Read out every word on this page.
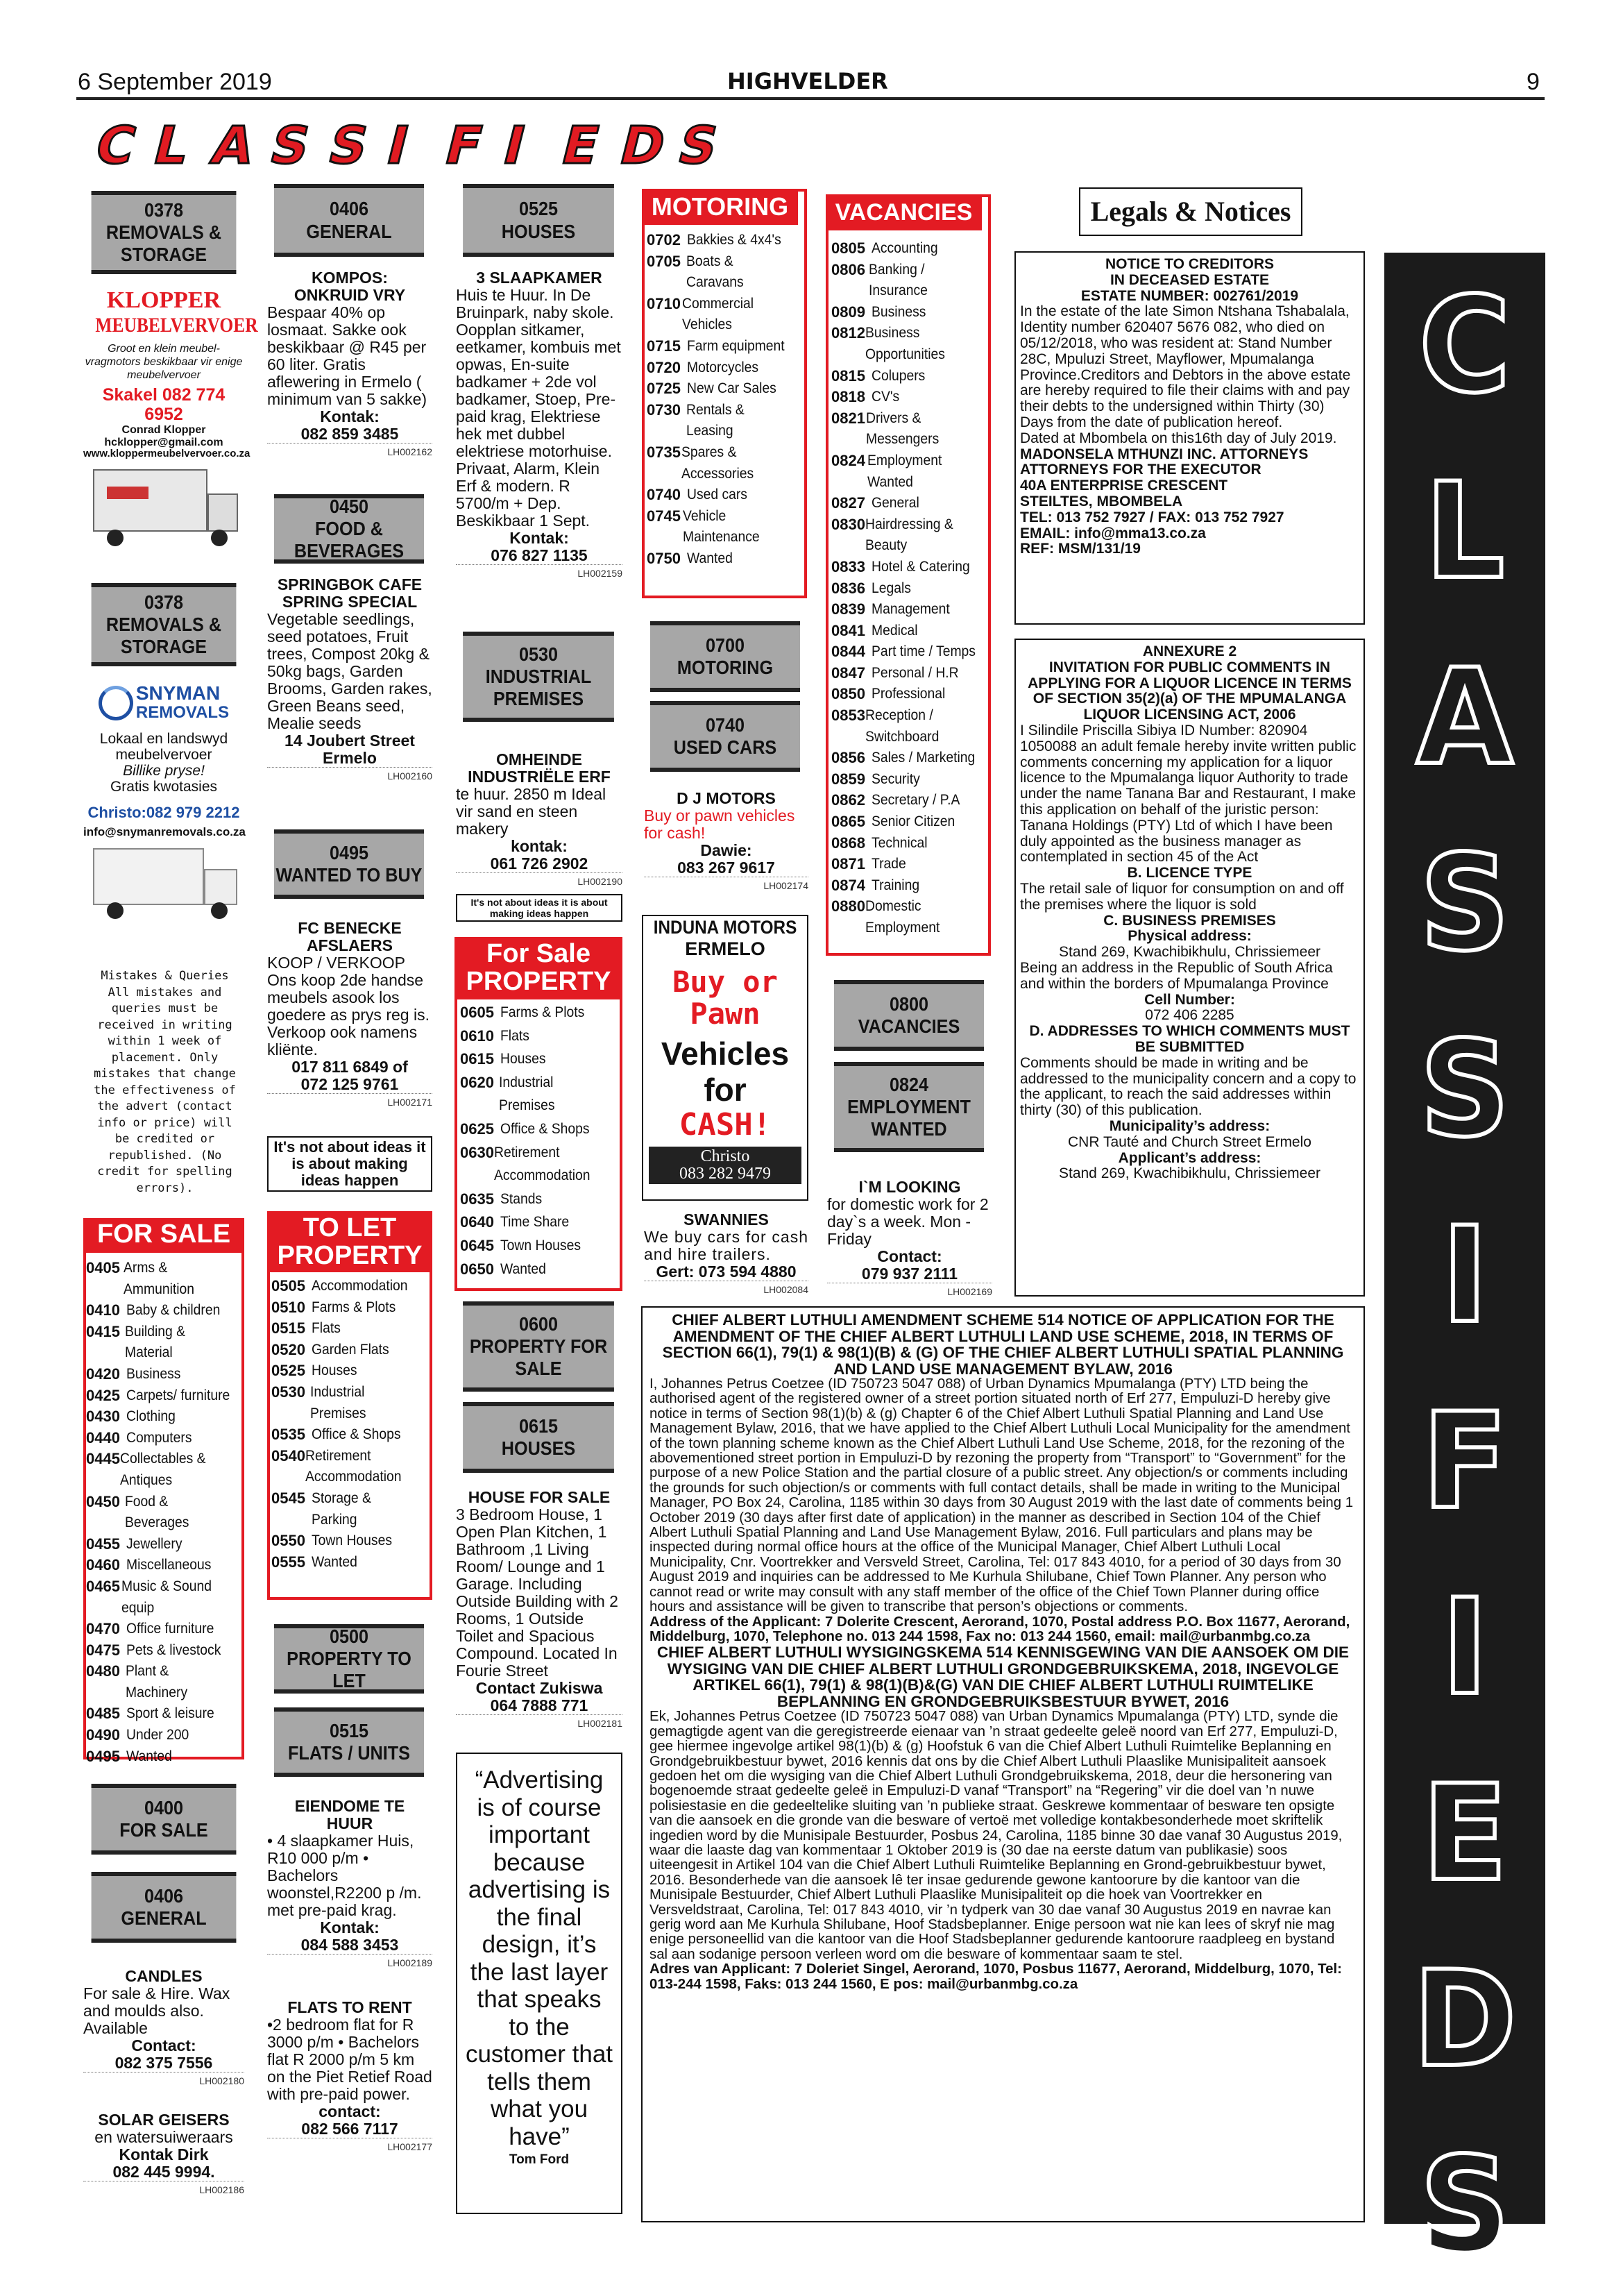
6 September 2019	HIGHVELDER	9
C L A S S I F I E D
S
0378
REMOVALS &
STORAGE
KLOPPER
MEUBELVERVOER
Groot en klein meubel-vragmotors beskikbaar vir enige meubelvervoer
Skakel 082 774 6952
Conrad Klopper
hcklopper@gmail.com
www.kloppermeubelvervoer.co.za
0378
REMOVALS &
STORAGE
SNYMAN
REMOVALS
Lokaal en landswyd
meubelvervoer
Billike pryse!
Gratis kwotasies
Christo:082 979 2212
info@snymanremovals.co.za
Mistakes & Queries All mistakes and queries must be received in writing within 1 week of placement. Only mistakes that change the effectiveness of the advert (contact info or price) will be credited or republished. (No credit for spelling errors).
FOR SALE
0405 Arms & Ammunition
0410 Baby & children
0415 Building & Material
0420 Business
0425 Carpets/ furniture
0430 Clothing
0440 Computers
0445 Collectables & Antiques
0450 Food & Beverages
0455 Jewellery
0460 Miscellaneous
0465 Music & Sound equip
0470 Office furniture
0475 Pets & livestock
0480 Plant & Machinery
0485 Sport & leisure
0490 Under 200
0495 Wanted
0400
FOR SALE
0406
GENERAL
CANDLES
For sale & Hire. Wax and moulds also. Available
Contact:
082 375 7556
LH002180
SOLAR GEISERS
en watersuiweraars
Kontak Dirk
082 445 9994.
LH002186
0406
GENERAL
KOMPOS:
ONKRUID VRY
Bespaar 40% op losmaat. Sakke ook beskikbaar @ R45 per 60 liter. Gratis aflewering in Ermelo ( minimum van 5 sakke)
Kontak:
082 859 3485
LH002162
0450
FOOD & BEVERAGES
SPRINGBOK CAFE
SPRING SPECIAL
Vegetable seedlings, seed potatoes, Fruit trees, Compost 20kg & 50kg bags, Garden Brooms, Garden rakes, Green Beans seed, Mealie seeds
14 Joubert Street
Ermelo
LH002160
0495
WANTED TO BUY
FC BENECKE
AFSLAERS
KOOP / VERKOOP Ons koop 2de handse meubels asook los goedere as prys reg is. Verkoop ook namens kliënte.
017 811 6849 of
072 125 9761
LH002171
It's not about ideas it is about making ideas happen
TO LET
PROPERTY
0505 Accommodation
0510 Farms & Plots
0515 Flats
0520 Garden Flats
0525 Houses
0530 Industrial Premises
0535 Office & Shops
0540 Retirement Accommodation
0545 Storage & Parking
0550 Town Houses
0555 Wanted
0500
PROPERTY TO LET
0515
FLATS / UNITS
EIENDOME TE
HUUR
• 4 slaapkamer Huis, R10 000 p/m • Bachelors woonstel,R2200 p /m. met pre-paid krag.
Kontak:
084 588 3453
LH002189
FLATS TO RENT
•2 bedroom flat for R 3000 p/m • Bachelors flat R 2000 p/m 5 km on the Piet Retief Road with pre-paid power.
contact:
082 566 7117
LH002177
0525
HOUSES
3 SLAAPKAMER
Huis te Huur. In De Bruinpark, naby skole. Oopplan sitkamer, eetkamer, kombuis met opwas, En-suite badkamer + 2de vol badkamer, Stoep, Pre-paid krag, Elektriese hek met dubbel elektriese motorhuise. Privaat, Alarm, Klein Erf & modern. R 5700/m + Dep. Beskikbaar 1 Sept.
Kontak:
076 827 1135
LH002159
0530
INDUSTRIAL
PREMISES
OMHEINDE
INDUSTRIËLE ERF
te huur. 2850 m Ideal vir sand en steen makery
kontak:
061 726 2902
LH002190
It's not about ideas it is about making ideas happen
For Sale
PROPERTY
0605 Farms & Plots
0610 Flats
0615 Houses
0620 Industrial Premises
0625 Office & Shops
0630 Retirement Accommodation
0635 Stands
0640 Time Share
0645 Town Houses
0650 Wanted
0600
PROPERTY FOR
SALE
0615
HOUSES
HOUSE FOR SALE
3 Bedroom House, 1 Open Plan Kitchen, 1 Bathroom ,1 Living Room/ Lounge and 1 Garage. Including Outside Building with 2 Rooms, 1 Outside Toilet and Spacious Compound. Located In Fourie Street
Contact Zukiswa
064 7888 771
LH002181
“Advertising is of course important because advertising is the final design, it’s the last layer that speaks to the customer that tells them what you have”
Tom Ford
MOTORING
0702 Bakkies & 4x4's
0705 Boats & Caravans
0710 Commercial Vehicles
0715 Farm equipment
0720 Motorcycles
0725 New Car Sales
0730 Rentals & Leasing
0735 Spares & Accessories
0740 Used cars
0745 Vehicle Maintenance
0750 Wanted
0700
MOTORING
0740
USED CARS
D J MOTORS
Buy or pawn vehicles for cash!
Dawie:
083 267 9617
LH002174
INDUNA MOTORS
ERMELO
Buy or
Pawn
Vehicles
for
CASH!
Christo
083 282 9479
SWANNIES
We buy cars for cash and hire trailers.
Gert: 073 594 4880
LH002084
VACANCIES
0805 Accounting
0806 Banking / Insurance
0809 Business
0812 Business Opportunities
0815 Colupers
0818 CV's
0821 Drivers & Messengers
0824 Employment Wanted
0827 General
0830 Hairdressing & Beauty
0833 Hotel & Catering
0836 Legals
0839 Management
0841 Medical
0844 Part time / Temps
0847 Personal / H.R
0850 Professional
0853 Reception / Switchboard
0856 Sales / Marketing
0859 Security
0862 Secretary / P.A
0865 Senior Citizen
0868 Technical
0871 Trade
0874 Training
0880 Domestic Employment
0800
VACANCIES
0824
EMPLOYMENT
WANTED
I`M LOOKING
for domestic work for 2 day`s a week. Mon - Friday
Contact:
079 937 2111
LH002169
Legals & Notices
NOTICE TO CREDITORS
IN DECEASED ESTATE
ESTATE NUMBER: 002761/2019
In the estate of the late Simon Ntshana Tshabalala, Identity number 620407 5676 082, who died on 05/12/2018, who was resident at: Stand Number 28C, Mpuluzi Street, Mayflower, Mpumalanga Province.Creditors and Debtors in the above estate are hereby required to file their claims with and pay their debts to the undersigned within Thirty (30) Days from the date of publication hereof.
Dated at Mbombela on this16th day of July 2019.
MADONSELA MTHUNZI INC. ATTORNEYS
ATTORNEYS FOR THE EXECUTOR
40A ENTERPRISE CRESCENT
STEILTES, MBOMBELA
TEL: 013 752 7927 / FAX: 013 752 7927
EMAIL: info@mma13.co.za
REF: MSM/131/19
ANNEXURE 2
INVITATION FOR PUBLIC COMMENTS IN APPLYING FOR A LIQUOR LICENCE IN TERMS OF SECTION 35(2)(a) OF THE MPUMALANGA LIQUOR LICENSING ACT, 2006
I Silindile Priscilla Sibiya ID Number: 820904 1050088 an adult female hereby invite written public comments concerning my application for a liquor licence to the Mpumalanga liquor Authority to trade under the name Tanana Bar and Restaurant, I make this application on behalf of the juristic person: Tanana Holdings (PTY) Ltd of which I have been duly appointed as the business manager as contemplated in section 45 of the Act
B. LICENCE TYPE
The retail sale of liquor for consumption on and off the premises where the liquor is sold
C. BUSINESS PREMISES
Physical address:
Stand 269, Kwachibikhulu, Chrissiemeer
Being an address in the Republic of South Africa and within the borders of Mpumalanga Province
Cell Number:
072 406 2285
D. ADDRESSES TO WHICH COMMENTS MUST BE SUBMITTED
Comments should be made in writing and be addressed to the municipality concern and a copy to the applicant, to reach the said addresses within thirty (30) of this publication.
Municipality’s address:
CNR Tauté and Church Street Ermelo
Applicant’s address:
Stand 269, Kwachibikhulu, Chrissiemeer
CHIEF ALBERT LUTHULI AMENDMENT SCHEME 514 NOTICE OF APPLICATION FOR THE AMENDMENT OF THE CHIEF ALBERT LUTHULI LAND USE SCHEME, 2018, IN TERMS OF SECTION 66(1), 79(1) & 98(1)(B) & (G) OF THE CHIEF ALBERT LUTHULI SPATIAL PLANNING AND LAND USE MANAGEMENT BYLAW, 2016
I, Johannes Petrus Coetzee (ID 750723 5047 088) of Urban Dynamics Mpumalanga (PTY) LTD being the authorised agent of the registered owner of a street portion situated north of Erf 277, Empuluzi-D hereby give notice in terms of Section 98(1)(b) & (g) Chapter 6 of the Chief Albert Luthuli Spatial Planning and Land Use Management Bylaw, 2016, that we have applied to the Chief Albert Luthuli Local Municipality for the amendment of the town planning scheme known as the Chief Albert Luthuli Land Use Scheme, 2018, for the rezoning of the abovementioned street portion in Empuluzi-D by rezoning the property from “Transport” to “Government” for the purpose of a new Police Station and the partial closure of a public street. Any objection/s or comments including the grounds for such objection/s or comments with full contact details, shall be made in writing to the Municipal Manager, PO Box 24, Carolina, 1185 within 30 days from 30 August 2019 with the last date of comments being 1 October 2019 (30 days after first date of application) in the manner as described in Section 104 of the Chief Albert Luthuli Spatial Planning and Land Use Management Bylaw, 2016. Full particulars and plans may be inspected during normal office hours at the office of the Municipal Manager, Chief Albert Luthuli Local Municipality, Cnr. Voortrekker and Versveld Street, Carolina, Tel: 017 843 4010, for a period of 30 days from 30 August 2019 and inquiries can be addressed to Me Kurhula Shilubane, Chief Town Planner. Any person who cannot read or write may consult with any staff member of the office of the Chief Town Planner during office hours and assistance will be given to transcribe that person’s objections or comments.
Address of the Applicant: 7 Dolerite Crescent, Aerorand, 1070, Postal address P.O. Box 11677, Aerorand, Middelburg, 1070, Telephone no. 013 244 1598, Fax no: 013 244 1560, email: mail@urbanmbg.co.za
CHIEF ALBERT LUTHULI WYSIGINGSKEMA 514 KENNISGEWING VAN DIE AANSOEK OM DIE WYSIGING VAN DIE CHIEF ALBERT LUTHULI GRONDGEBRUIKSKEMA, 2018, INGEVOLGE ARTIKEL 66(1), 79(1) & 98(1)(B)&(G) VAN DIE CHIEF ALBERT LUTHULI RUIMTELIKE BEPLANNING EN GRONDGEBRUIKSBESTUUR BYWET, 2016
Ek, Johannes Petrus Coetzee (ID 750723 5047 088) van Urban Dynamics Mpumalanga (PTY) LTD, synde die gemagtigde agent van die geregistreerde eienaar van ’n straat gedeelte geleë noord van Erf 277, Empuluzi-D, gee hiermee ingevolge artikel 98(1)(b) & (g) Hoofstuk 6 van die Chief Albert Luthuli Ruimtelike Beplanning en Grondgebruikbestuur bywet, 2016 kennis dat ons by die Chief Albert Luthuli Plaaslike Munisipaliteit aansoek gedoen het om die wysiging van die Chief Albert Luthuli Grondgebruikskema, 2018, deur die hersonering van bogenoemde straat gedeelte geleë in Empuluzi-D vanaf “Transport” na “Regering” vir die doel van ’n nuwe polisiestasie en die gedeeltelike sluiting van ’n publieke straat. Geskrewe kommentaar of besware ten opsigte van die aansoek en die gronde van die besware of vertoë met volledige kontakbesonderhede moet skriftelik ingedien word by die Munisipale Bestuurder, Posbus 24, Carolina, 1185 binne 30 dae vanaf 30 Augustus 2019, waar die laaste dag van kommentaar 1 Oktober 2019 is (30 dae na eerste datum van publikasie) soos uiteengesit in Artikel 104 van die Chief Albert Luthuli Ruimtelike Beplanning en Grond-gebruikbestuur bywet, 2016. Besonderhede van die aansoek lê ter insae gedurende gewone kantoorure by die kantoor van die Munisipale Bestuurder, Chief Albert Luthuli Plaaslike Munisipaliteit op die hoek van Voortrekker en Versveldstraat, Carolina, Tel: 017 843 4010, vir ’n tydperk van 30 dae vanaf 30 Augustus 2019 en navrae kan gerig word aan Me Kurhula Shilubane, Hoof Stadsbeplanner. Enige persoon wat nie kan lees of skryf nie mag enige personeellid van die kantoor van die Hoof Stadsbeplanner gedurende kantoorure raadpleeg en bystand sal aan sodanige persoon verleen word om die besware of kommentaar saam te stel.
Adres van Applicant: 7 Doleriet Singel, Aerorand, 1070, Posbus 11677, Aerorand, Middelburg, 1070, Tel: 013-244 1598, Faks: 013 244 1560, E pos: mail@urbanmbg.co.za
C
L
A
S
S
I
F
I
E
D
S
